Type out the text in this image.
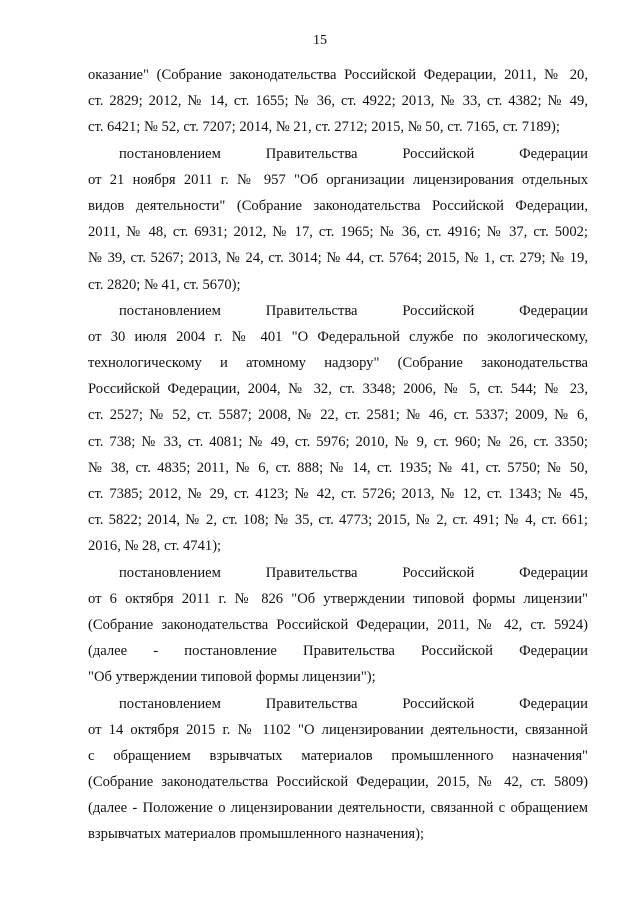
15
оказание" (Собрание законодательства Российской Федерации, 2011, № 20,
ст. 2829; 2012, № 14, ст. 1655; № 36, ст. 4922; 2013, № 33, ст. 4382; № 49,
ст. 6421; № 52, ст. 7207; 2014, № 21, ст. 2712; 2015, № 50, ст. 7165, ст. 7189);
постановлением Правительства Российской Федерации
от 21 ноября 2011 г. № 957 "Об организации лицензирования отдельных
видов деятельности" (Собрание законодательства Российской Федерации,
2011, № 48, ст. 6931; 2012, № 17, ст. 1965; № 36, ст. 4916; № 37, ст. 5002;
№ 39, ст. 5267; 2013, № 24, ст. 3014; № 44, ст. 5764; 2015, № 1, ст. 279; № 19,
ст. 2820; № 41, ст. 5670);
постановлением Правительства Российской Федерации
от 30 июля 2004 г. № 401 "О Федеральной службе по экологическому,
технологическому и атомному надзору" (Собрание законодательства
Российской Федерации, 2004, № 32, ст. 3348; 2006, № 5, ст. 544; № 23,
ст. 2527; № 52, ст. 5587; 2008, № 22, ст. 2581; № 46, ст. 5337; 2009, № 6,
ст. 738; № 33, ст. 4081; № 49, ст. 5976; 2010, № 9, ст. 960; № 26, ст. 3350;
№ 38, ст. 4835; 2011, № 6, ст. 888; № 14, ст. 1935; № 41, ст. 5750; № 50,
ст. 7385; 2012, № 29, ст. 4123; № 42, ст. 5726; 2013, № 12, ст. 1343; № 45,
ст. 5822; 2014, № 2, ст. 108; № 35, ст. 4773; 2015, № 2, ст. 491; № 4, ст. 661;
2016, № 28, ст. 4741);
постановлением Правительства Российской Федерации
от 6 октября 2011 г. № 826 "Об утверждении типовой формы лицензии"
(Собрание законодательства Российской Федерации, 2011, № 42, ст. 5924)
(далее - постановление Правительства Российской Федерации
"Об утверждении типовой формы лицензии");
постановлением Правительства Российской Федерации
от 14 октября 2015 г. № 1102 "О лицензировании деятельности, связанной
с обращением взрывчатых материалов промышленного назначения"
(Собрание законодательства Российской Федерации, 2015, № 42, ст. 5809)
(далее - Положение о лицензировании деятельности, связанной с обращением
взрывчатых материалов промышленного назначения);
